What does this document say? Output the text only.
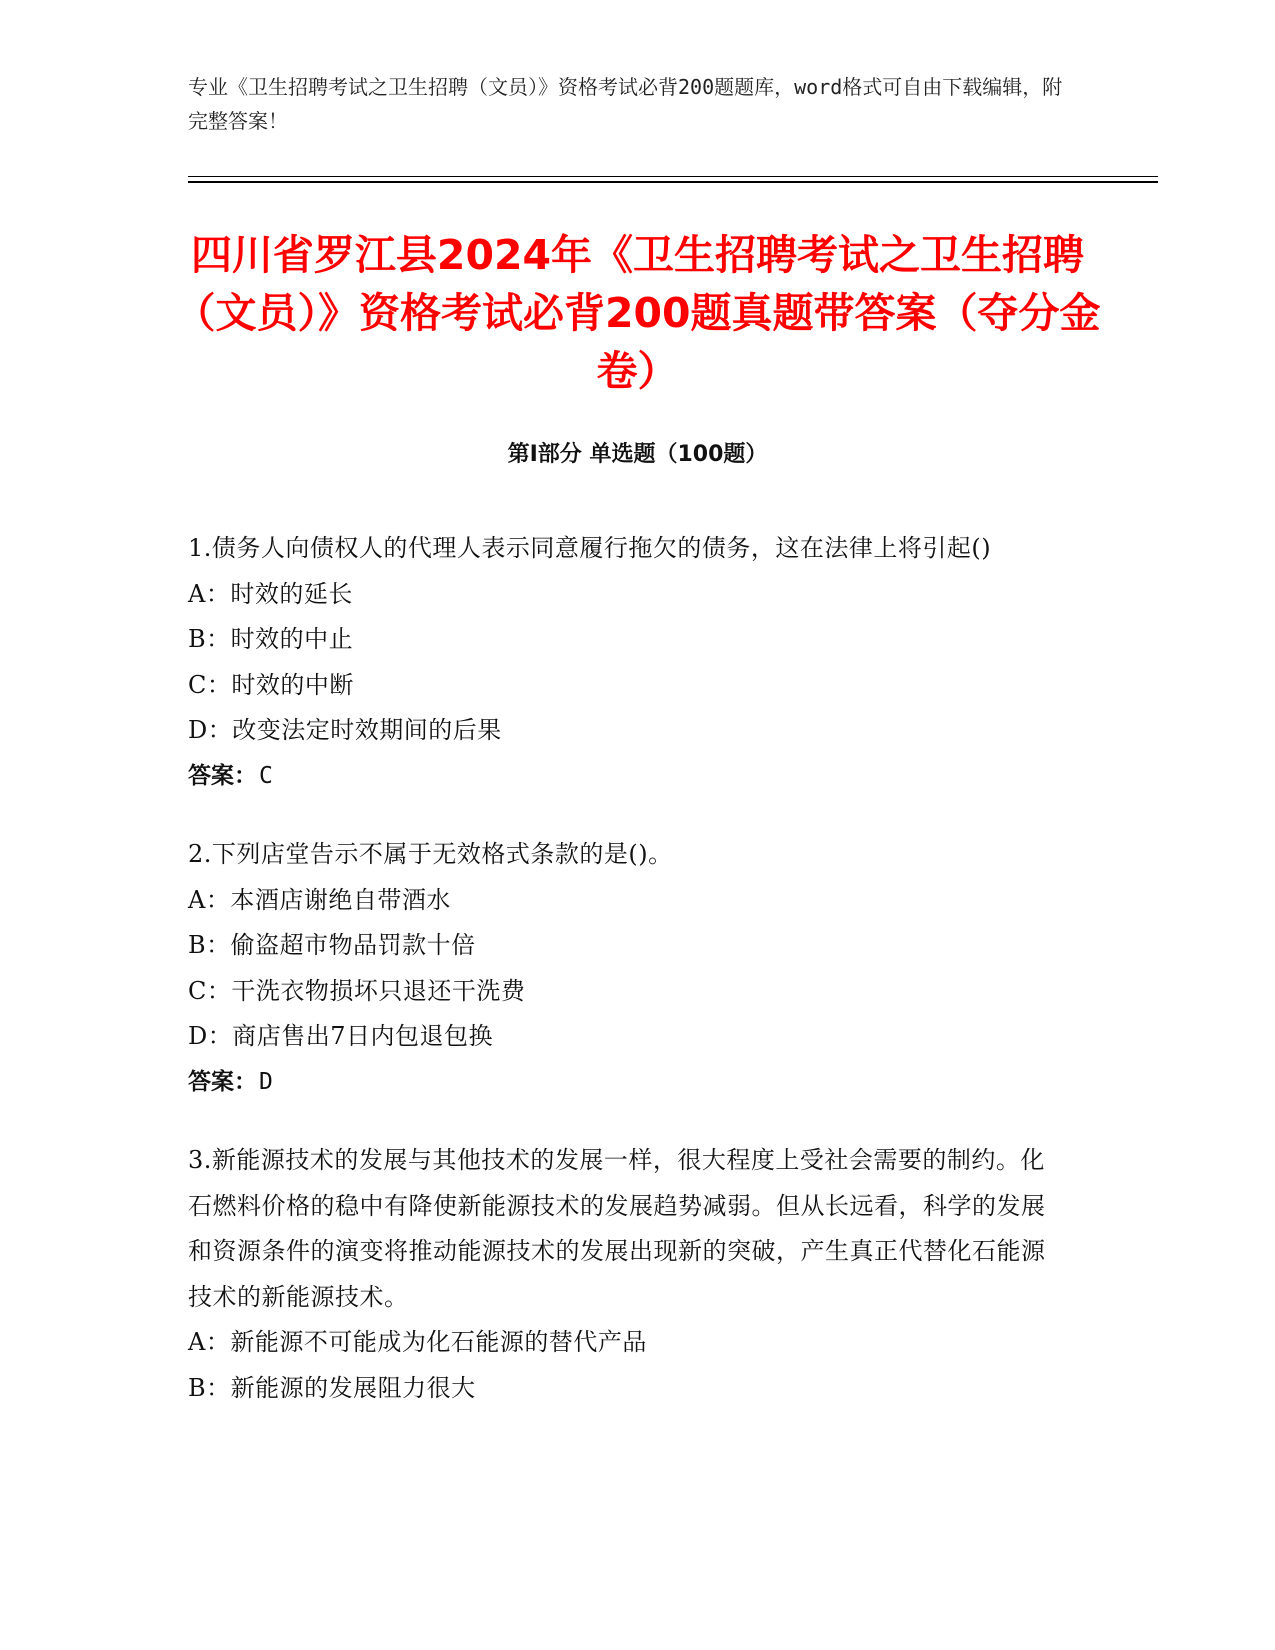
专业《卫生招聘考试之卫生招聘（文员）》资格考试必背200题题库，word格式可自由下载编辑，附完整答案！
四川省罗江县2024年《卫生招聘考试之卫生招聘（文员）》资格考试必背200题真题带答案（夺分金卷）
第I部分 单选题（100题）
1.债务人向债权人的代理人表示同意履行拖欠的债务，这在法律上将引起()
A：时效的延长
B：时效的中止
C：时效的中断
D：改变法定时效期间的后果
答案：C
2.下列店堂告示不属于无效格式条款的是()。
A：本酒店谢绝自带酒水
B：偷盗超市物品罚款十倍
C：干洗衣物损坏只退还干洗费
D：商店售出7日内包退包换
答案：D
3.新能源技术的发展与其他技术的发展一样，很大程度上受社会需要的制约。化石燃料价格的稳中有降使新能源技术的发展趋势减弱。但从长远看，科学的发展和资源条件的演变将推动能源技术的发展出现新的突破，产生真正代替化石能源技术的新能源技术。
A：新能源不可能成为化石能源的替代产品
B：新能源的发展阻力很大
